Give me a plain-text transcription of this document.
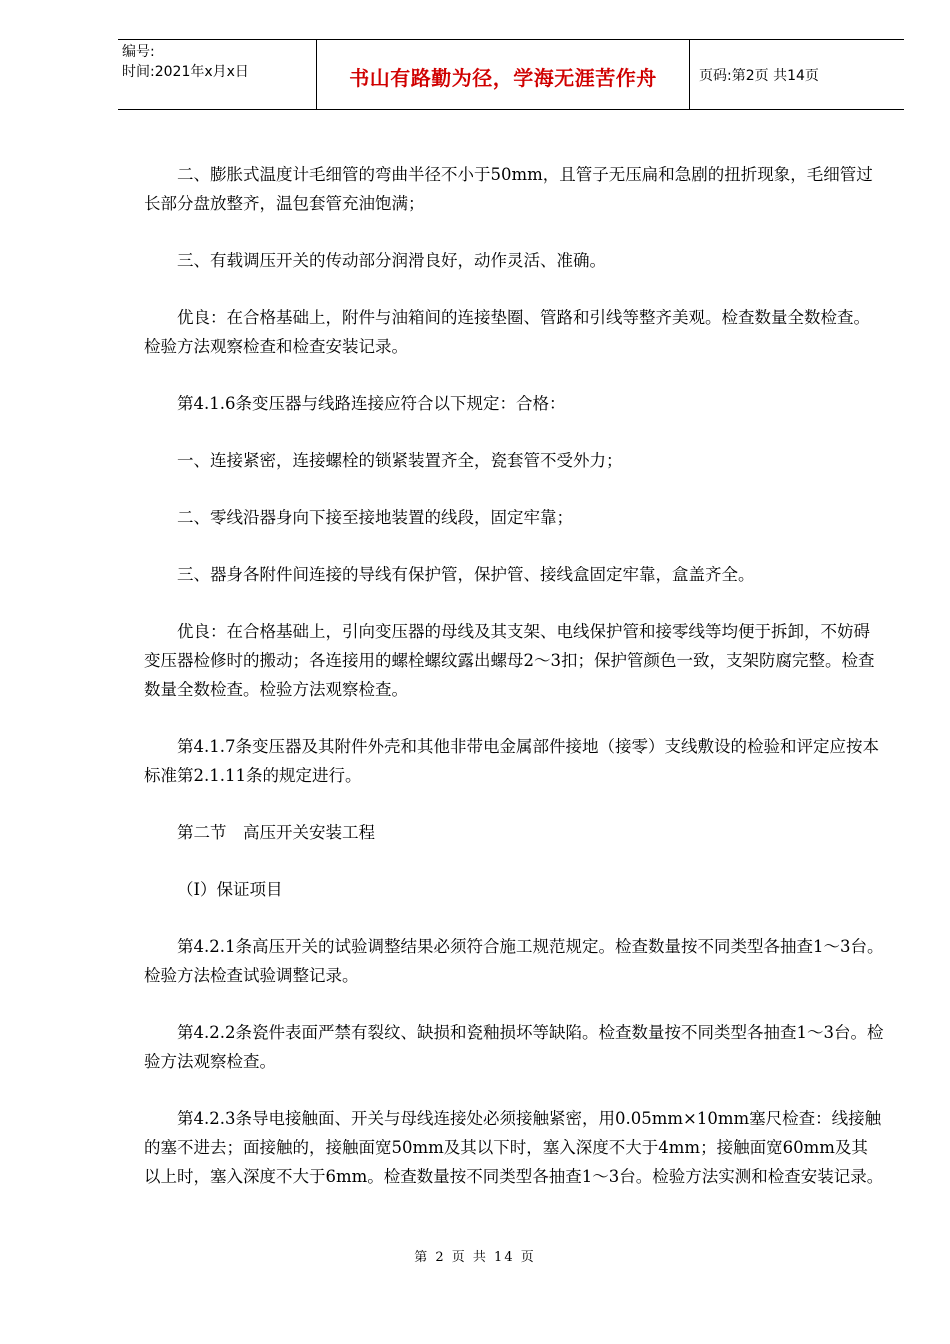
编号:
时间:2021年x月x日	书山有路勤为径，学海无涯苦作舟	页码:第2页 共14页

二、膨胀式温度计毛细管的弯曲半径不小于50mm，且管子无压扁和急剧的扭折现象，毛细管过长部分盘放整齐，温包套管充油饱满；

三、有载调压开关的传动部分润滑良好，动作灵活、准确。

优良：在合格基础上，附件与油箱间的连接垫圈、管路和引线等整齐美观。检查数量全数检查。检验方法观察检查和检查安装记录。

第4.1.6条变压器与线路连接应符合以下规定：合格：

一、连接紧密，连接螺栓的锁紧装置齐全，瓷套管不受外力；

二、零线沿器身向下接至接地装置的线段，固定牢靠；

三、器身各附件间连接的导线有保护管，保护管、接线盒固定牢靠，盒盖齐全。

优良：在合格基础上，引向变压器的母线及其支架、电线保护管和接零线等均便于拆卸，不妨碍变压器检修时的搬动；各连接用的螺栓螺纹露出螺母2～3扣；保护管颜色一致，支架防腐完整。检查数量全数检查。检验方法观察检查。

第4.1.7条变压器及其附件外壳和其他非带电金属部件接地（接零）支线敷设的检验和评定应按本标准第2.1.11条的规定进行。

第二节　高压开关安装工程

（Ⅰ）保证项目

第4.2.1条高压开关的试验调整结果必须符合施工规范规定。检查数量按不同类型各抽查1～3台。检验方法检查试验调整记录。

第4.2.2条瓷件表面严禁有裂纹、缺损和瓷釉损坏等缺陷。检查数量按不同类型各抽查1～3台。检验方法观察检查。

第4.2.3条导电接触面、开关与母线连接处必须接触紧密，用0.05mm×10mm塞尺检查：线接触的塞不进去；面接触的，接触面宽50mm及其以下时，塞入深度不大于4mm；接触面宽60mm及其以上时，塞入深度不大于6mm。检查数量按不同类型各抽查1～3台。检验方法实测和检查安装记录。

第 2 页 共 14 页
